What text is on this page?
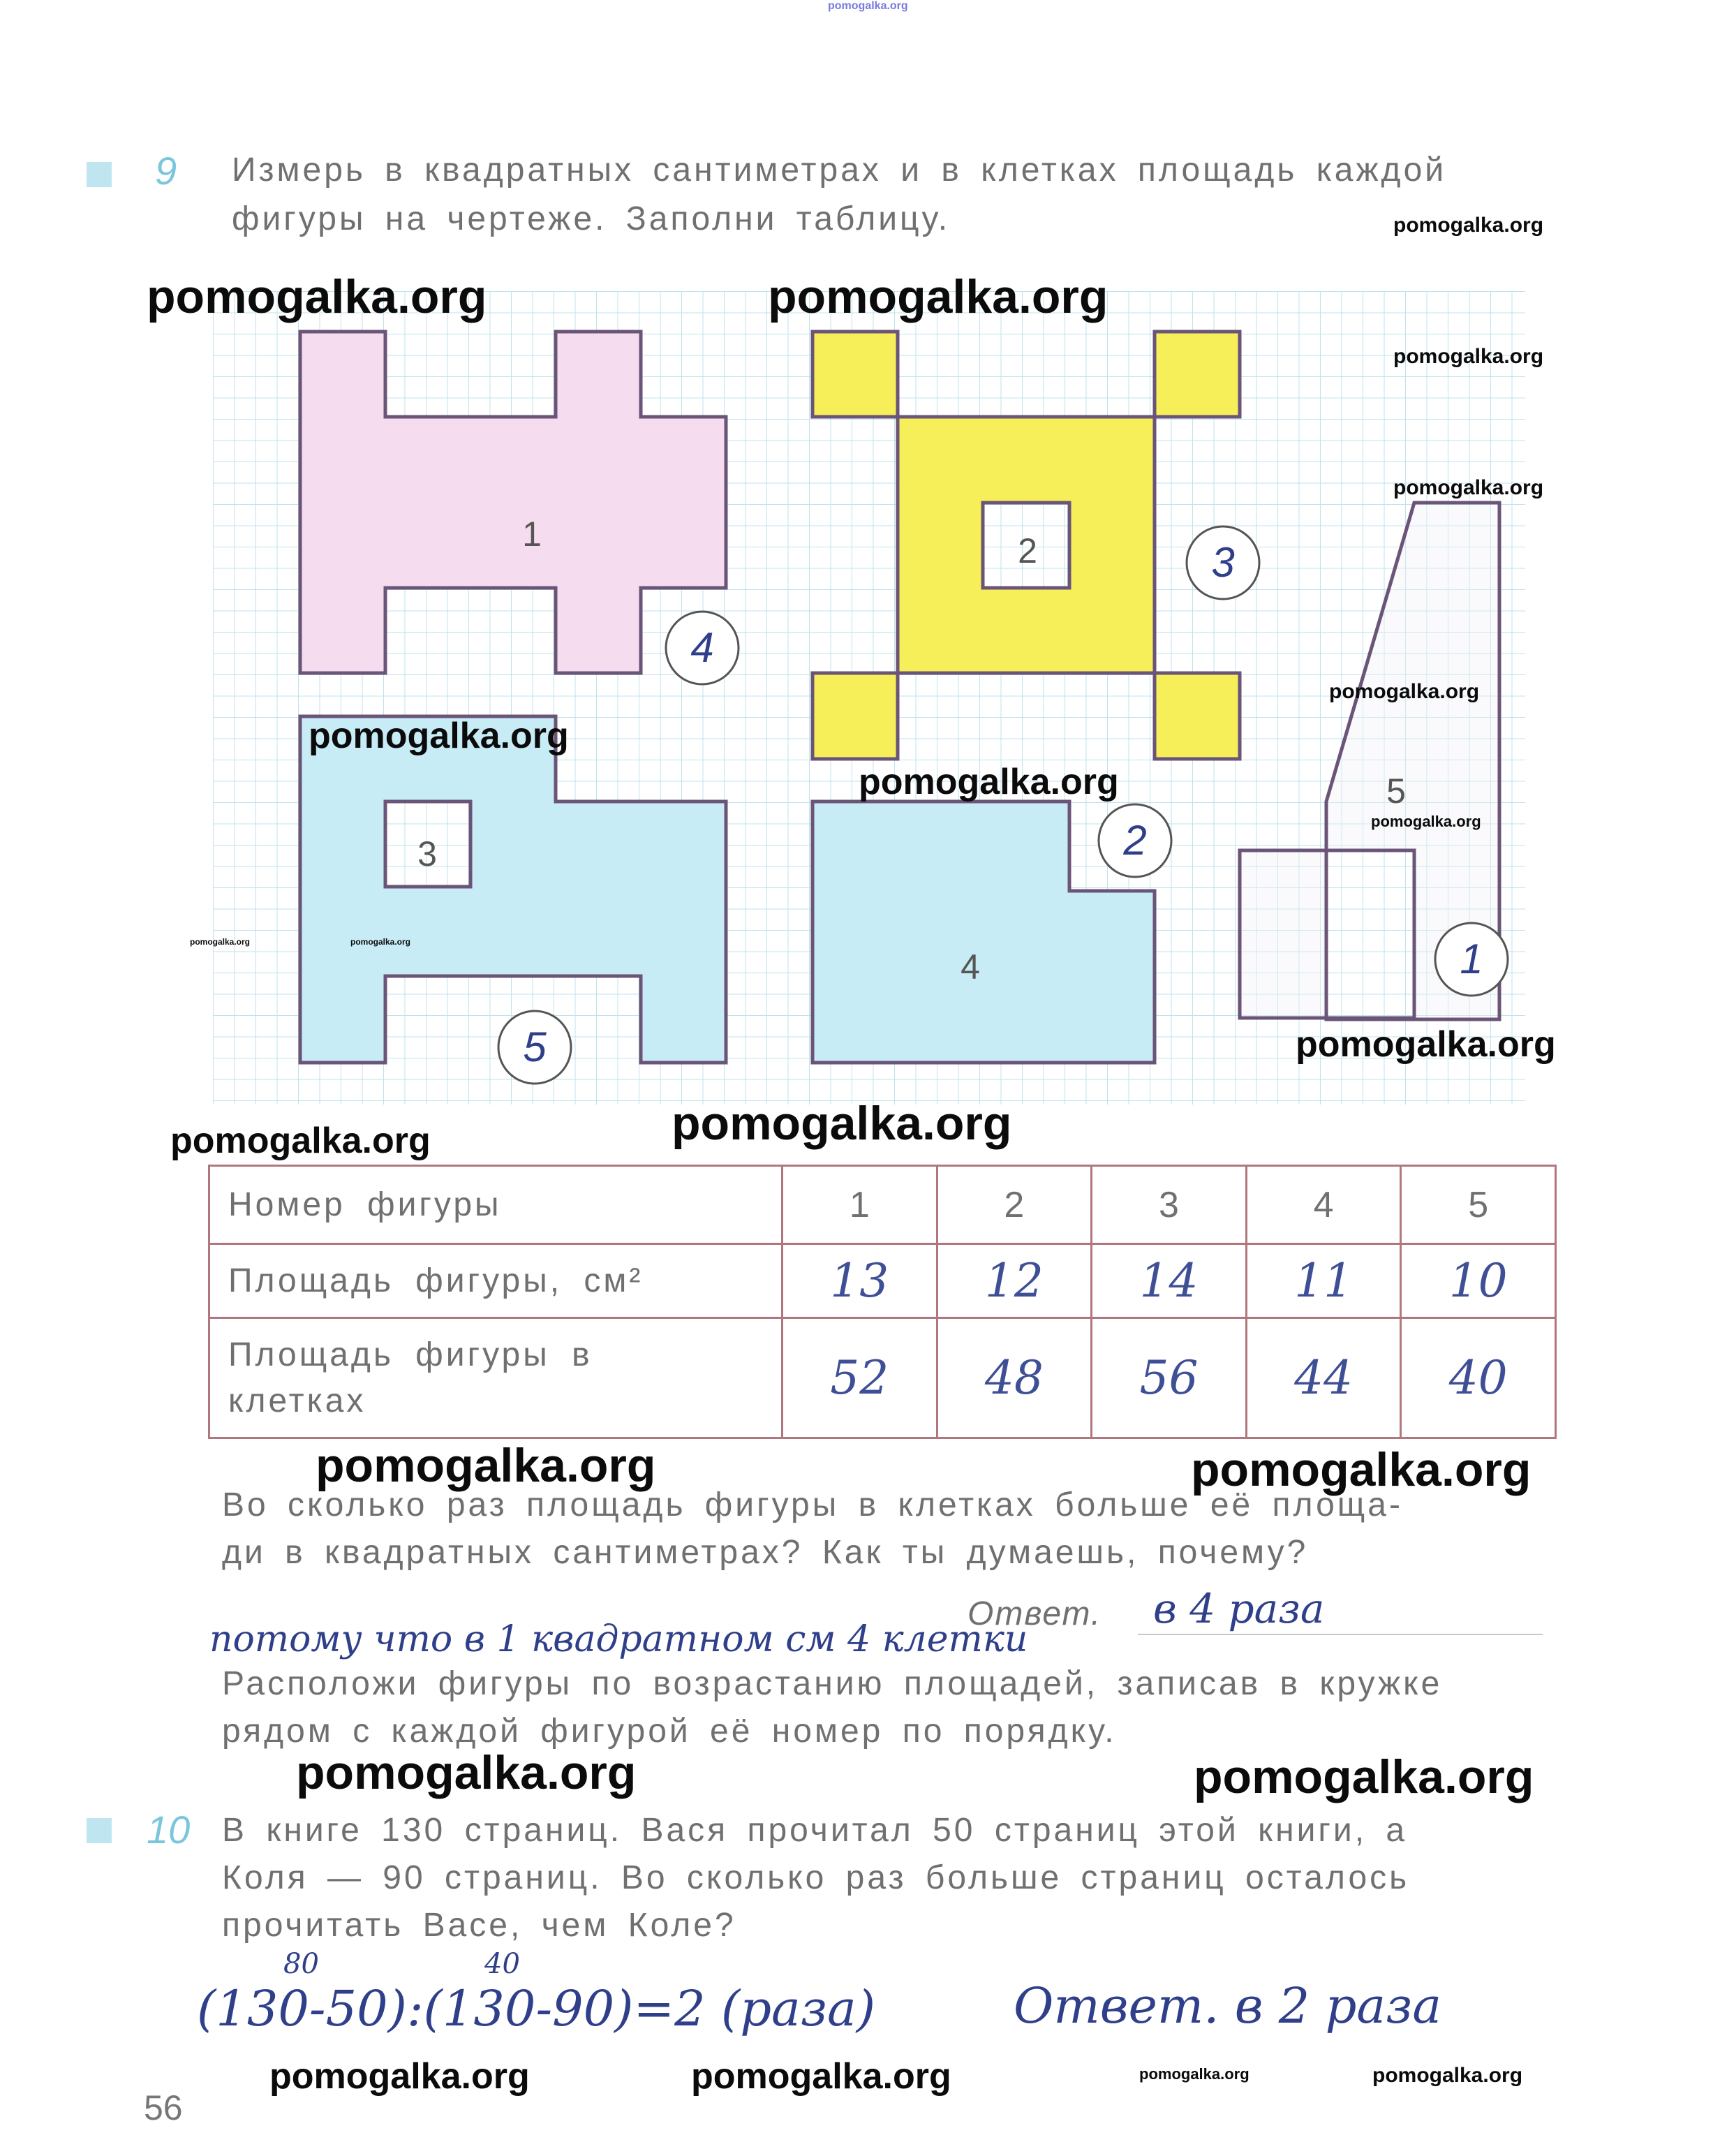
pomogalka.org
9 Измерь в квадратных сантиметрах и в клетках площадь каждой
фигуры на чертеже. Заполни таблицу.
1	2
3
4
5
4
3
5
2
1
Номер фигуры	1	2	3	4	5
Площадь фигуры, см²	13	12	14	11	10

Площадь фигуры в
клетках	52	48	56	44	40
Во сколько раз площадь фигуры в клетках больше её площа-
ди в квадратных сантиметрах? Как ты думаешь, почему?
Ответ. в 4 раза
потому что в 1 квадратном см 4 клетки
Расположи фигуры по возрастанию площадей, записав в кружке
рядом с каждой фигурой её номер по порядку.
10 В книге 130 страниц. Вася прочитал 50 страниц этой книги, а
Коля — 90 страниц. Во сколько раз больше страниц осталось
прочитать Васе, чем Коле?
80	40
(130-50):(130-90)=2 (раза)	Ответ. в 2 раза
56
pomogalka.org
pomogalka.org	pomogalka.org
pomogalka.org
pomogalka.org
pomogalka.org
pomogalka.org
pomogalka.org
pomogalka.org
pomogalka.org	pomogalka.org
pomogalka.org
pomogalka.org
pomogalka.org
pomogalka.org	pomogalka.org
pomogalka.org	pomogalka.org
pomogalka.org	pomogalka.org	pomogalka.org	pomogalka.org
